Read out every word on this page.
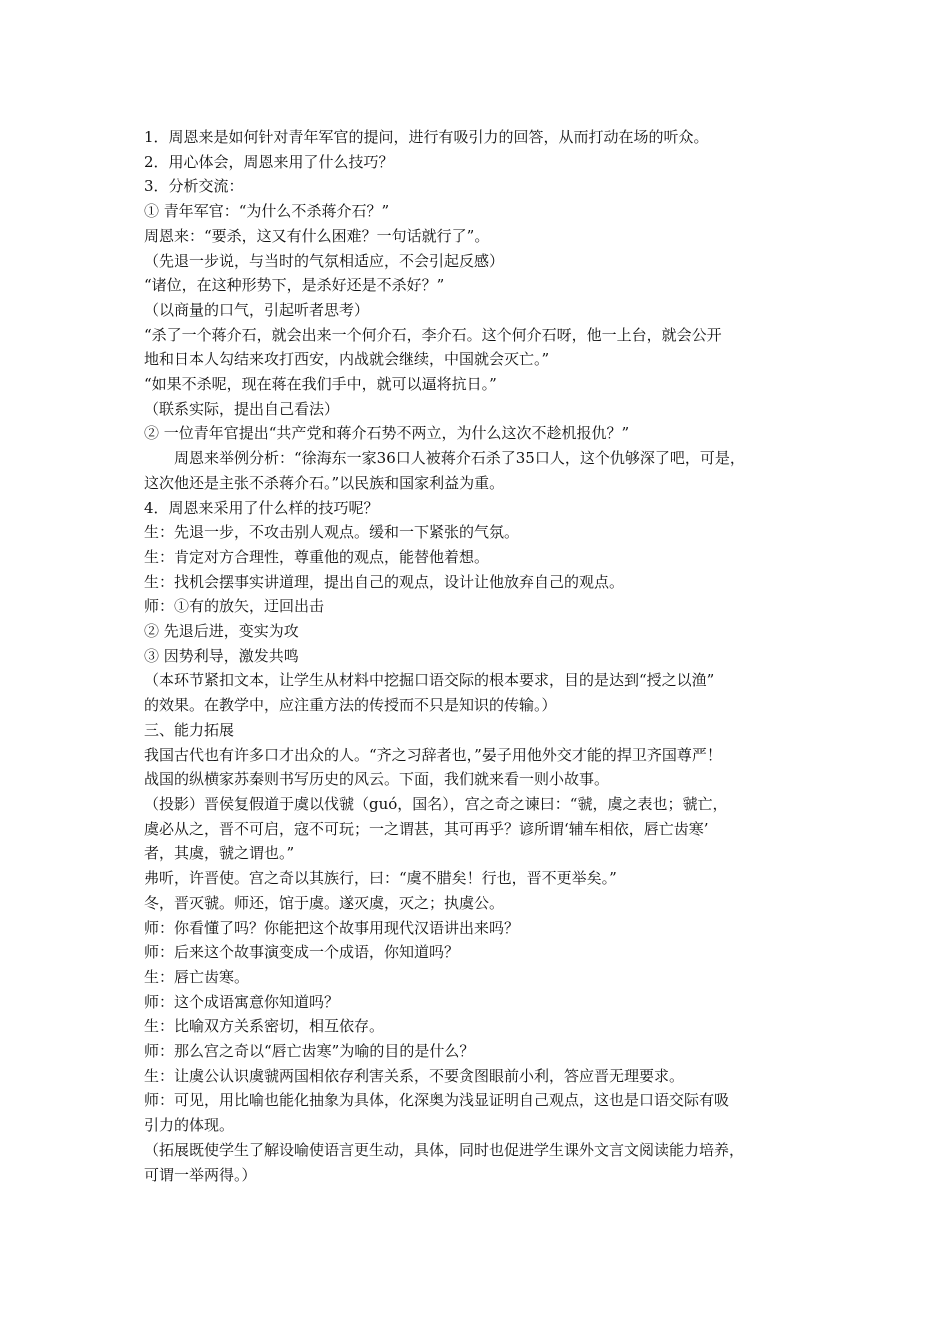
1．周恩来是如何针对青年军官的提问，进行有吸引力的回答，从而打动在场的听众。

2．用心体会，周恩来用了什么技巧？

3．分析交流：

① 青年军官：“为什么不杀蒋介石？”

周恩来：“要杀，这又有什么困难？一句话就行了”。

（先退一步说，与当时的气氛相适应，不会引起反感）

“诸位，在这种形势下，是杀好还是不杀好？”

（以商量的口气，引起听者思考）

“杀了一个蒋介石，就会出来一个何介石，李介石。这个何介石呀，他一上台，就会公开

地和日本人勾结来攻打西安，内战就会继续，中国就会灭亡。”

“如果不杀呢，现在蒋在我们手中，就可以逼将抗日。”

（联系实际，提出自己看法）

② 一位青年官提出“共产党和蒋介石势不两立，为什么这次不趁机报仇？”

周恩来举例分析：“徐海东一家36口人被蒋介石杀了35口人，这个仇够深了吧，可是，

这次他还是主张不杀蒋介石。”以民族和国家利益为重。

4．周恩来采用了什么样的技巧呢？

生：先退一步，不攻击别人观点。缓和一下紧张的气氛。

生：肯定对方合理性，尊重他的观点，能替他着想。

生：找机会摆事实讲道理，提出自己的观点，设计让他放弃自己的观点。

师：①有的放矢，迂回出击

② 先退后进，变实为攻

③ 因势利导，激发共鸣

（本环节紧扣文本，让学生从材料中挖掘口语交际的根本要求，目的是达到“授之以渔”

的效果。在教学中，应注重方法的传授而不只是知识的传输。）

三、能力拓展

我国古代也有许多口才出众的人。“齐之习辞者也，”晏子用他外交才能的捍卫齐国尊严！

战国的纵横家苏秦则书写历史的风云。下面，我们就来看一则小故事。

（投影）晋侯复假道于虞以伐虢（guó，国名），宫之奇之谏曰：“虢，虞之表也；虢亡，

虞必从之，晋不可启，寇不可玩；一之谓甚，其可再乎？谚所谓‘辅车相依，唇亡齿寒’

者，其虞，虢之谓也。”

弗听，许晋使。宫之奇以其族行，曰：“虞不腊矣！行也，晋不更举矣。”

冬，晋灭虢。师还，馆于虞。遂灭虞，灭之；执虞公。

师：你看懂了吗？你能把这个故事用现代汉语讲出来吗？

师：后来这个故事演变成一个成语，你知道吗？

生：唇亡齿寒。

师：这个成语寓意你知道吗？

生：比喻双方关系密切，相互依存。

师：那么宫之奇以“唇亡齿寒”为喻的目的是什么？

生：让虞公认识虞虢两国相依存利害关系，不要贪图眼前小利，答应晋无理要求。

师：可见，用比喻也能化抽象为具体，化深奥为浅显证明自己观点，这也是口语交际有吸

引力的体现。

（拓展既使学生了解设喻使语言更生动，具体，同时也促进学生课外文言文阅读能力培养，

可谓一举两得。）
